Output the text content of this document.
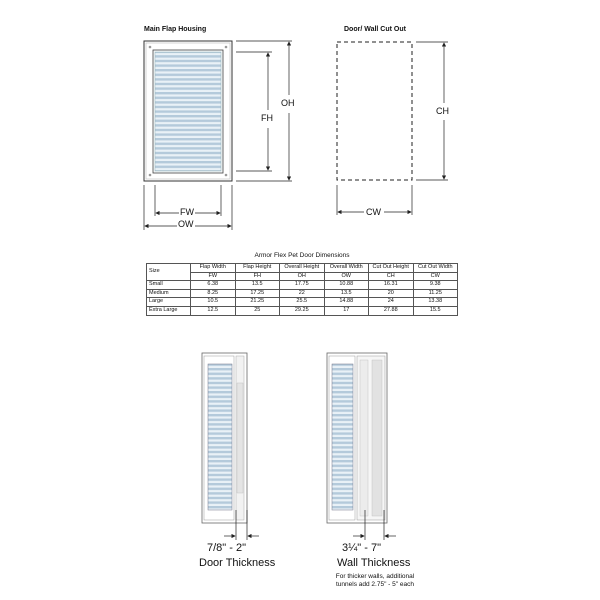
Main Flap Housing	Door/ Wall Cut Out
FW
OW
FH
OH
CW
CH
Armor Flex Pet Door Dimensions
Size	Flap Width	Flap Height	Overall Height	Overall Width	Cut Out Height	Cut Out Width
	FW	FH	OH	OW	CH	CW
Small	6.38	13.5	17.75	10.88	16.31	9.38
Medium	8.25	17.25	22	13.5	20	11.25
Large	10.5	21.25	25.5	14.88	24	13.38
Extra Large	12.5	25	29.25	17	27.88	15.5
7/8" - 2"
Door Thickness
3¼" - 7"
Wall Thickness
For thicker walls, additional
tunnels add 2.75" - 5" each
